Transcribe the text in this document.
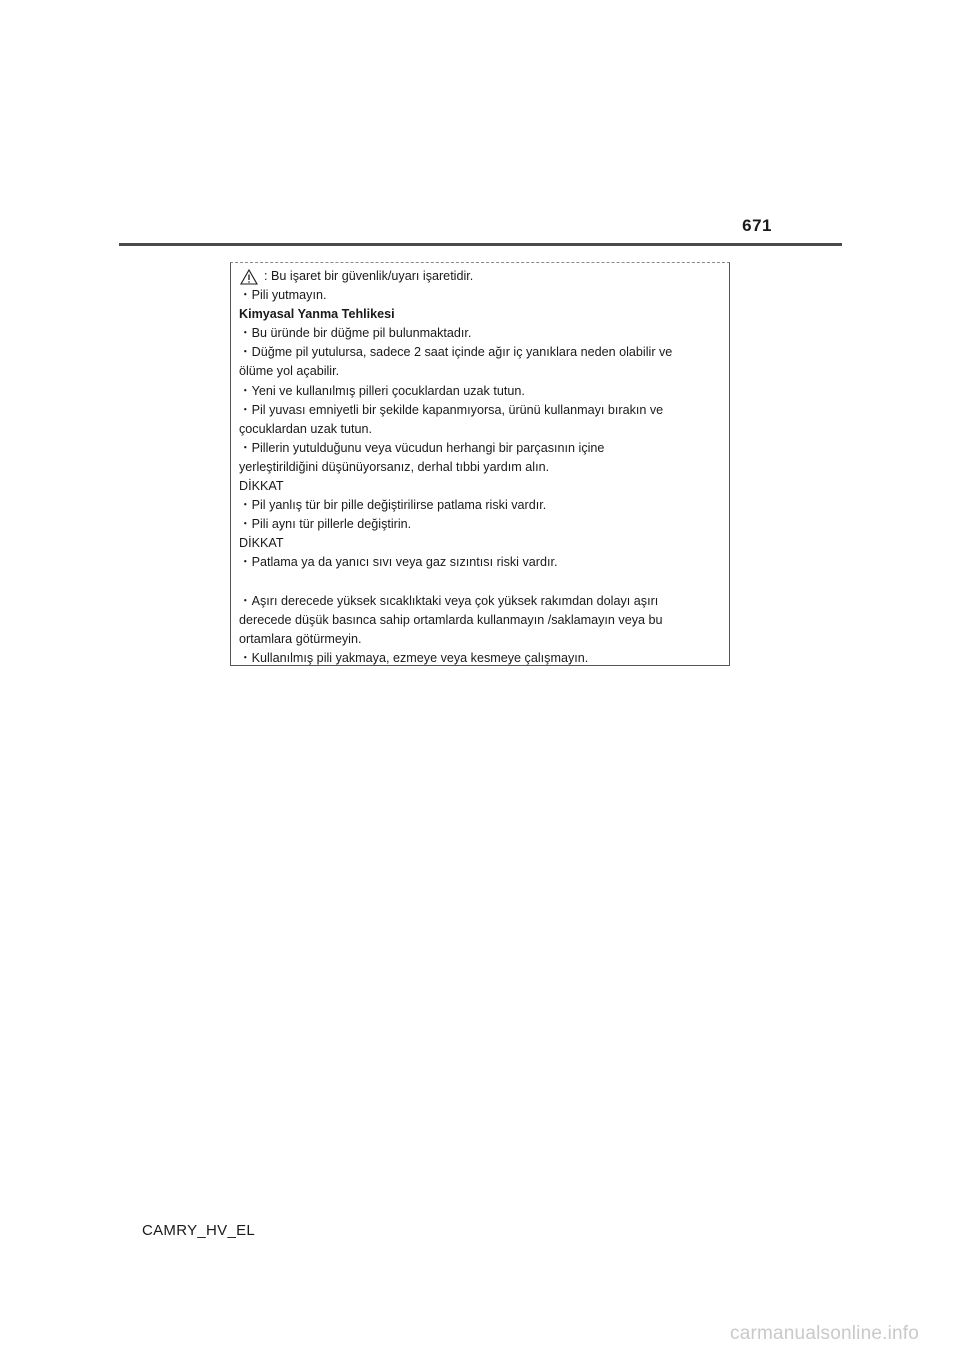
671
: Bu işaret bir güvenlik/uyarı işaretidir.
・Pili yutmayın.
Kimyasal Yanma Tehlikesi
・Bu üründe bir düğme pil bulunmaktadır.
・Düğme pil yutulursa, sadece 2 saat içinde ağır iç yanıklara neden olabilir ve
ölüme yol açabilir.
・Yeni ve kullanılmış pilleri çocuklardan uzak tutun.
・Pil yuvası emniyetli bir şekilde kapanmıyorsa, ürünü kullanmayı bırakın ve
çocuklardan uzak tutun.
・Pillerin yutulduğunu veya vücudun herhangi bir parçasının içine
yerleştirildiğini düşünüyorsanız, derhal tıbbi yardım alın.
DİKKAT
・Pil yanlış tür bir pille değiştirilirse patlama riski vardır.
・Pili aynı tür pillerle değiştirin.
DİKKAT
・Patlama ya da yanıcı sıvı veya gaz sızıntısı riski vardır.
・Aşırı derecede yüksek sıcaklıktaki veya çok yüksek rakımdan dolayı aşırı
derecede düşük basınca sahip ortamlarda kullanmayın /saklamayın veya bu
ortamlara götürmeyin.
・Kullanılmış pili yakmaya, ezmeye veya kesmeye çalışmayın.
CAMRY_HV_EL
carmanualsonline.info
